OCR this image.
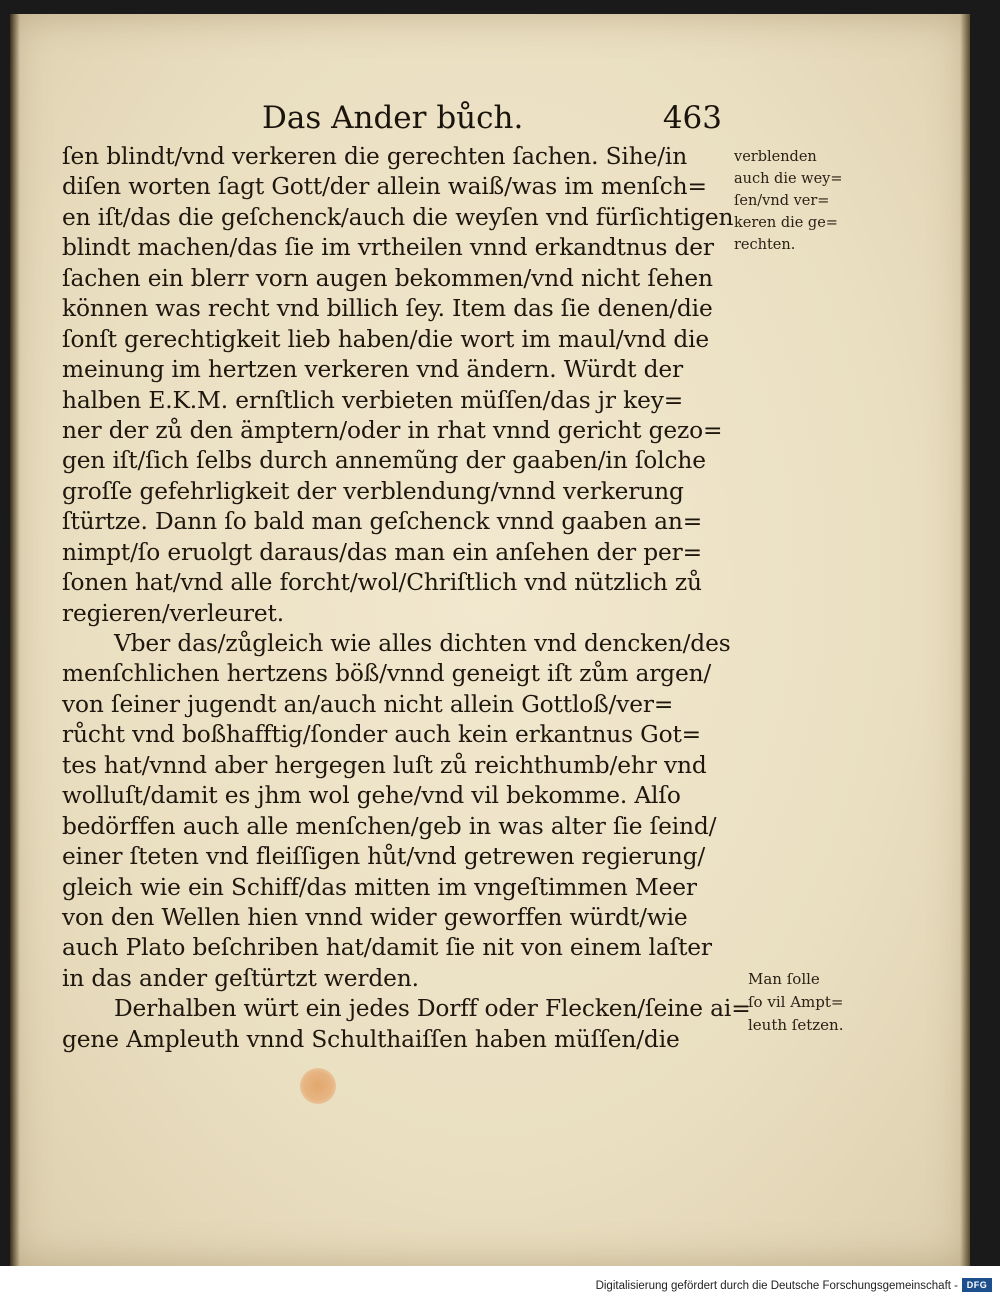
Das Ander bůch.	463
ſen blindt/vnd verkeren die gerechten ſachen. Sihe/in
diſen worten ſagt Gott/der allein waiß/was im menſch=
en iſt/das die geſchenck/auch die weyſen vnd fürſichtigen
blindt machen/das ſie im vrtheilen vnnd erkandtnus der
ſachen ein blerr vorn augen bekommen/vnd nicht ſehen
können was recht vnd billich ſey. Item das ſie denen/die
ſonſt gerechtigkeit lieb haben/die wort im maul/vnd die
meinung im hertzen verkeren vnd ändern. Würdt der
halben E.K.M. ernſtlich verbieten müſſen/das jr key=
ner der zů den ämptern/oder in rhat vnnd gericht gezo=
gen iſt/ſich ſelbs durch annemũng der gaaben/in ſolche
groſſe gefehrligkeit der verblendung/vnnd verkerung
ſtürtze. Dann ſo bald man geſchenck vnnd gaaben an=
nimpt/ſo eruolgt daraus/das man ein anſehen der per=
ſonen hat/vnd alle forcht/wol/Chriſtlich vnd nützlich zů
regieren/verleuret.
Vber das/zůgleich wie alles dichten vnd dencken/des
menſchlichen hertzens böß/vnnd geneigt iſt zům argen/
von ſeiner jugendt an/auch nicht allein Gottloß/ver=
růcht vnd boßhafftig/ſonder auch kein erkantnus Got=
tes hat/vnnd aber hergegen luſt zů reichthumb/ehr vnd
wolluſt/damit es jhm wol gehe/vnd vil bekomme. Alſo
bedörffen auch alle menſchen/geb in was alter ſie ſeind/
einer ſteten vnd fleiſſigen hůt/vnd getrewen regierung/
gleich wie ein Schiff/das mitten im vngeſtimmen Meer
von den Wellen hien vnnd wider geworffen würdt/wie
auch Plato beſchriben hat/damit ſie nit von einem laſter
in das ander geſtürtzt werden.
Derhalben würt ein jedes Dorff oder Flecken/ſeine ai=
gene Ampleuth vnnd Schulthaiſſen haben müſſen/die
verblenden
auch die wey=
ſen/vnd ver=
keren die ge=
rechten.
Man ſolle
ſo vil Ampt=
leuth ſetzen.
Digitalisierung gefördert durch die Deutsche Forschungsgemeinschaft - DFG
